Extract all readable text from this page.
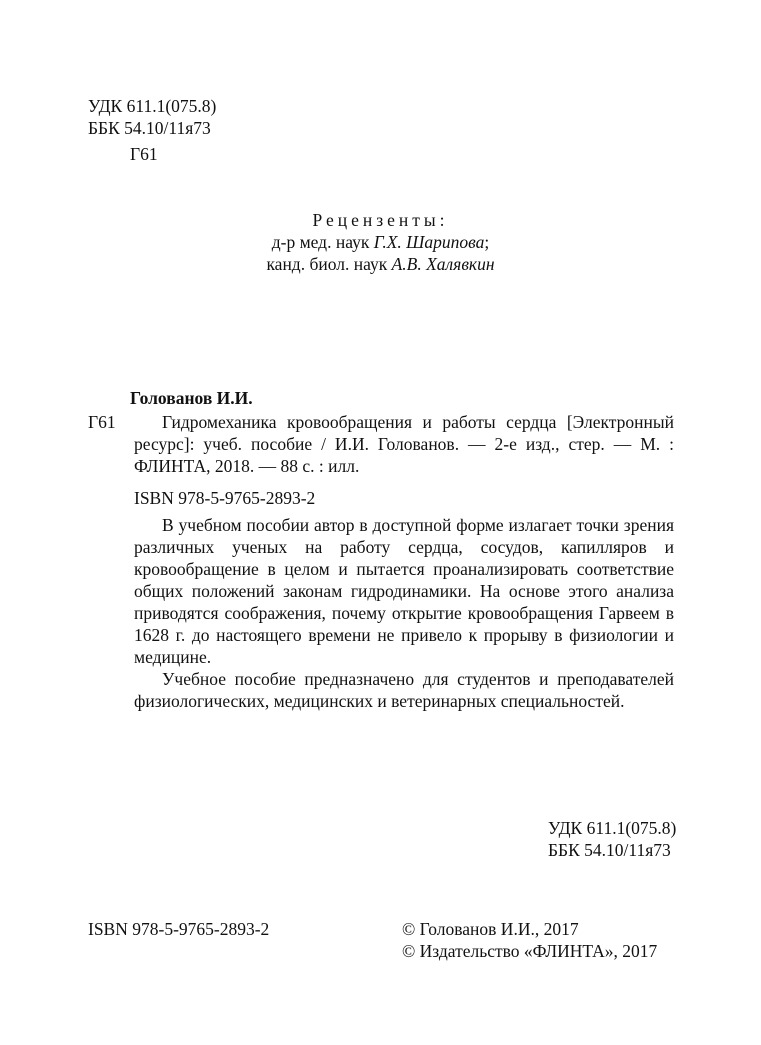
УДК 611.1(075.8)
ББК 54.10/11я73
Г61
Рецензенты:
д-р мед. наук Г.Х. Шарипова;
канд. биол. наук А.В. Халявкин
Голованов И.И.
Г61	Гидромеханика кровообращения и работы сердца [Электронный ресурс]: учеб. пособие / И.И. Голованов. — 2-е изд., стер. — М. : ФЛИНТА, 2018. — 88 с. : илл.

ISBN 978-5-9765-2893-2

В учебном пособии автор в доступной форме излагает точки зрения различных ученых на работу сердца, сосудов, капилляров и кровообращение в целом и пытается проанализировать соответствие общих положений законам гидродинамики. На основе этого анализа приводятся соображения, почему открытие кровообращения Гарвеем в 1628 г. до настоящего времени не привело к прорыву в физиологии и медицине.

Учебное пособие предназначено для студентов и преподавателей физиологических, медицинских и ветеринарных специальностей.

УДК 611.1(075.8)
ББК 54.10/11я73
ISBN 978-5-9765-2893-2	© Голованов И.И., 2017
© Издательство «ФЛИНТА», 2017
